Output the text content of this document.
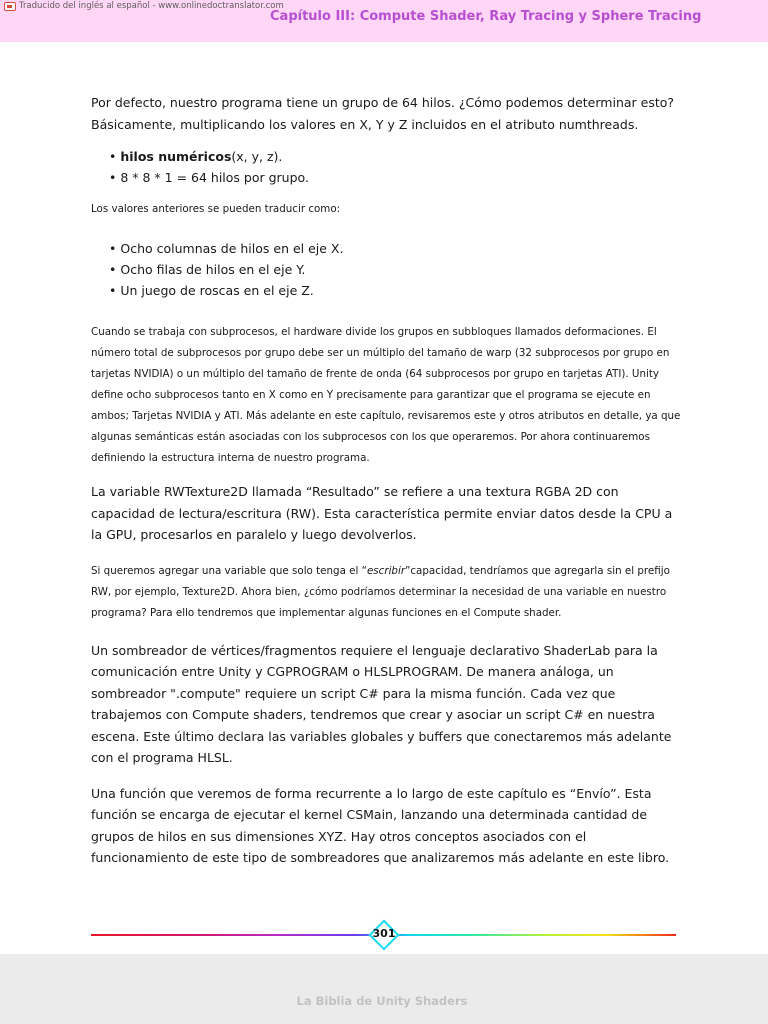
Traducido del inglés al español - www.onlinedoctranslator.com
Capítulo III: Compute Shader, Ray Tracing y Sphere Tracing

Por defecto, nuestro programa tiene un grupo de 64 hilos. ¿Cómo podemos determinar esto? Básicamente, multiplicando los valores en X, Y y Z incluidos en el atributo numthreads.

• hilos numéricos(x, y, z).
• 8 * 8 * 1 = 64 hilos por grupo.

Los valores anteriores se pueden traducir como:

• Ocho columnas de hilos en el eje X.
• Ocho filas de hilos en el eje Y.
• Un juego de roscas en el eje Z.

Cuando se trabaja con subprocesos, el hardware divide los grupos en subbloques llamados deformaciones. El número total de subprocesos por grupo debe ser un múltiplo del tamaño de warp (32 subprocesos por grupo en tarjetas NVIDIA) o un múltiplo del tamaño de frente de onda (64 subprocesos por grupo en tarjetas ATI). Unity define ocho subprocesos tanto en X como en Y precisamente para garantizar que el programa se ejecute en ambos; Tarjetas NVIDIA y ATI. Más adelante en este capítulo, revisaremos este y otros atributos en detalle, ya que algunas semánticas están asociadas con los subprocesos con los que operaremos. Por ahora continuaremos definiendo la estructura interna de nuestro programa.

La variable RWTexture2D llamada “Resultado” se refiere a una textura RGBA 2D con capacidad de lectura/escritura (RW). Esta característica permite enviar datos desde la CPU a la GPU, procesarlos en paralelo y luego devolverlos.

Si queremos agregar una variable que solo tenga el “escribir”capacidad, tendríamos que agregarla sin el prefijo RW, por ejemplo, Texture2D. Ahora bien, ¿cómo podríamos determinar la necesidad de una variable en nuestro programa? Para ello tendremos que implementar algunas funciones en el Compute shader.

Un sombreador de vértices/fragmentos requiere el lenguaje declarativo ShaderLab para la comunicación entre Unity y CGPROGRAM o HLSLPROGRAM. De manera análoga, un sombreador ".compute" requiere un script C# para la misma función. Cada vez que trabajemos con Compute shaders, tendremos que crear y asociar un script C# en nuestra escena. Este último declara las variables globales y buffers que conectaremos más adelante con el programa HLSL.

Una función que veremos de forma recurrente a lo largo de este capítulo es “Envío”. Esta función se encarga de ejecutar el kernel CSMain, lanzando una determinada cantidad de grupos de hilos en sus dimensiones XYZ. Hay otros conceptos asociados con el funcionamiento de este tipo de sombreadores que analizaremos más adelante en este libro.

301
La Biblia de Unity Shaders
